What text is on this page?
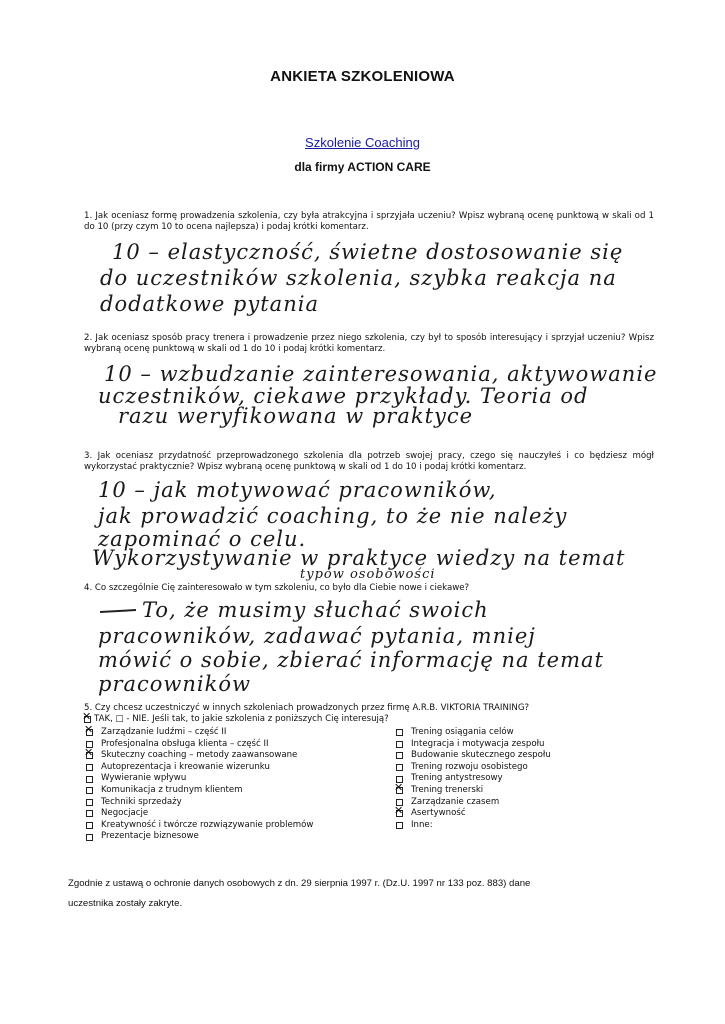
ANKIETA SZKOLENIOWA
Szkolenie Coaching
dla firmy ACTION CARE
1. Jak oceniasz formę prowadzenia szkolenia, czy była atrakcyjna i sprzyjała uczeniu? Wpisz wybraną ocenę punktową w skali od 1 do 10 (przy czym 10 to ocena najlepsza) i podaj krótki komentarz.
10 – elastyczność, świetne dostosowanie się
do uczestników szkolenia, szybka reakcja na
dodatkowe pytania
2. Jak oceniasz sposób pracy trenera i prowadzenie przez niego szkolenia, czy był to sposób interesujący i sprzyjał uczeniu? Wpisz wybraną ocenę punktową w skali od 1 do 10 i podaj krótki komentarz.
10 – wzbudzanie zainteresowania, aktywowanie
uczestników, ciekawe przykłady. Teoria od
razu weryfikowana w praktyce
3. Jak oceniasz przydatność przeprowadzonego szkolenia dla potrzeb swojej pracy, czego się nauczyłeś i co będziesz mógł wykorzystać praktycznie? Wpisz wybraną ocenę punktową w skali od 1 do 10 i podaj krótki komentarz.
10 – jak motywować pracowników,
jak prowadzić coaching, to że nie należy
zapominać o celu.
Wykorzystywanie w praktyce wiedzy na temat
typów osobowości
4. Co szczególnie Cię zainteresowało w tym szkoleniu, co było dla Ciebie nowe i ciekawe?
To, że musimy słuchać swoich
pracowników, zadawać pytania, mniej
mówić o sobie, zbierać informację na temat
pracowników
5. Czy chcesz uczestniczyć w innych szkoleniach prowadzonych przez firmę A.R.B. VIKTORIA TRAINING?
✕
TAK, □ - NIE. Jeśli tak, to jakie szkolenia z poniższych Cię interesują?
✕
Zarządzanie ludźmi – część II
Profesjonalna obsługa klienta – część II
✕
Skuteczny coaching – metody zaawansowane
Autoprezentacja i kreowanie wizerunku
Wywieranie wpływu
Komunikacja z trudnym klientem
Techniki sprzedaży
Negocjacje
Kreatywność i twórcze rozwiązywanie problemów
Prezentacje biznesowe
Trening osiągania celów
Integracja i motywacja zespołu
Budowanie skutecznego zespołu
Trening rozwoju osobistego
Trening antystresowy
✕
Trening trenerski
Zarządzanie czasem
✕
Asertywność
Inne:
Zgodnie z ustawą o ochronie danych osobowych z dn. 29 sierpnia 1997 r. (Dz.U. 1997 nr 133 poz. 883) dane
uczestnika zostały zakryte.
